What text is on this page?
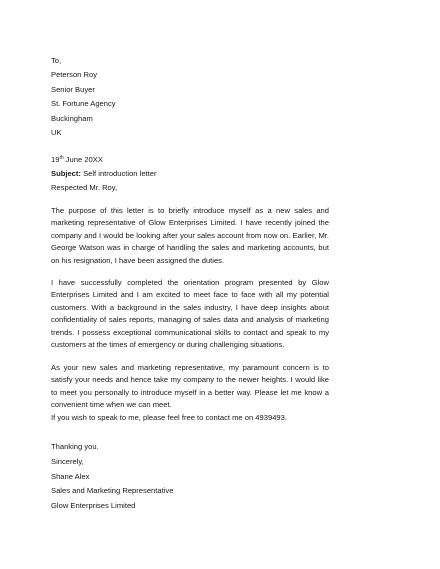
To,
Peterson Roy
Senior Buyer
St. Fortune Agency
Buckingham
UK
19th June 20XX
Subject: Self introduction letter
Respected Mr. Roy,
The purpose of this letter is to briefly introduce myself as a new sales and marketing representative of Glow Enterprises Limited. I have recently joined the company and I would be looking after your sales account from now on. Earlier, Mr. George Watson was in charge of handling the sales and marketing accounts, but on his resignation, I have been assigned the duties.
I have successfully completed the orientation program presented by Glow Enterprises Limited and I am excited to meet face to face with all my potential customers. With a background in the sales industry, I have deep insights about confidentiality of sales reports, managing of sales data and analysis of marketing trends. I possess exceptional communicational skills to contact and speak to my customers at the times of emergency or during challenging situations.
As your new sales and marketing representative, my paramount concern is to satisfy your needs and hence take my company to the newer heights. I would like to meet you personally to introduce myself in a better way. Please let me know a convenient time when we can meet.
If you wish to speak to me, please feel free to contact me on 4939493.
Thanking you.
Sincerely,
Shane Alex
Sales and Marketing Representative
Glow Enterprises Limited
